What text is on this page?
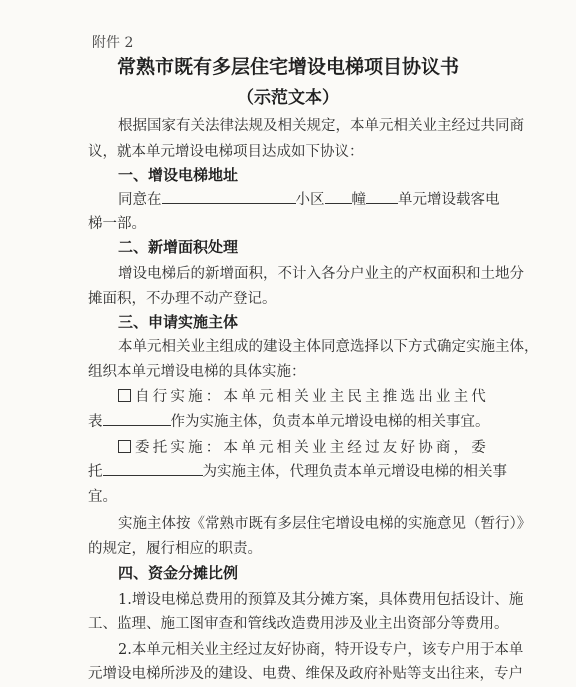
附件 2
常熟市既有多层住宅增设电梯项目协议书
（示范文本）
根据国家有关法律法规及相关规定，本单元相关业主经过共同商
议，就本单元增设电梯项目达成如下协议：
一、增设电梯地址
同意在	小区 幢 单元增设载客电
梯一部。
二、新增面积处理
增设电梯后的新增面积，不计入各分户业主的产权面积和土地分
摊面积，不办理不动产登记。
三、申请实施主体
本单元相关业主组成的建设主体同意选择以下方式确定实施主体，
组织本单元增设电梯的具体实施：
自行实施：本单元相关业主民主推选出业主代
表	作为实施主体，负责本单元增设电梯的相关事宜。
委托实施：本单元相关业主经过友好协商，委
托	为实施主体，代理负责本单元增设电梯的相关事
宜。
实施主体按《常熟市既有多层住宅增设电梯的实施意见（暂行）》
的规定，履行相应的职责。
四、资金分摊比例
1.增设电梯总费用的预算及其分摊方案，具体费用包括设计、施
工、监理、施工图审查和管线改造费用涉及业主出资部分等费用。
2.本单元相关业主经过友好协商，特开设专户，该专户用于本单
元增设电梯所涉及的建设、电费、维保及政府补贴等支出往来，专户
